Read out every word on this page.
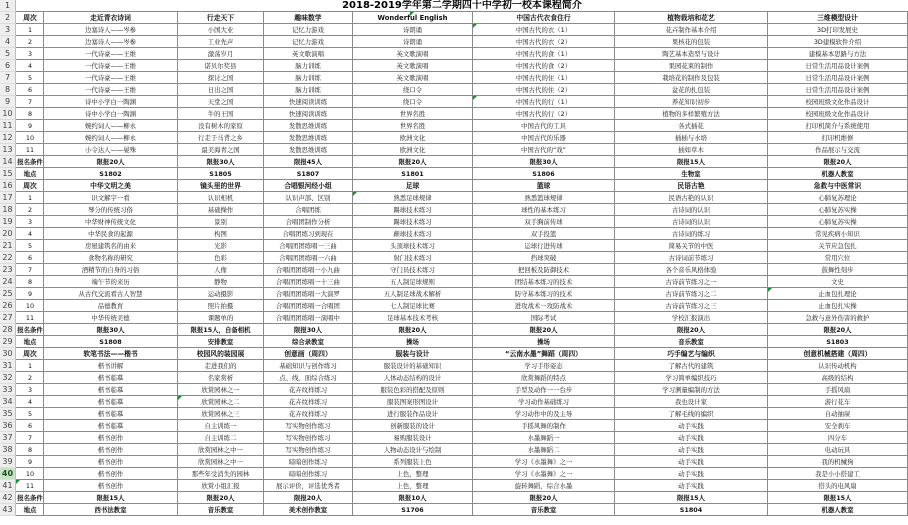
2018-2019学年第二学期四十中学初一校本课程简介
1
2	周次	走近青衣诗词	行走天下	趣味数学	Wonderful English	中国古代衣食住行	植物栽培和花艺	三维模型设计
3	1	边塞诗人——岑参	小国大业	记忆力游戏	诗朗诵	中国古代的衣（1）	花卉制作基本介绍	3D打印发展史
4	2	边塞诗人——岑参	工业先声	记忆力游戏	诗朗诵	中国古代的衣（2）	果核花的包装	3D建模软件介绍
5	3	一代诗豪——王维	激荡岁月	英文歌演唱	英文歌演唱	中国古代的食（1）	陶艺基本造型与设计	建模基本思路与方法
6	4	一代诗豪——王维	诺贝尔奖县	脑力训练	英文歌演唱	中国古代的食（2）	果园花束的制作	日常生活用品设计案例
7	5	一代诗豪——王维	探讨之国	脑力训练	英文歌演唱	中国古代的住（1）	栽培花的制作及包装	日常生活用品设计案例
8	6	一代诗豪——王维	日出之国	脑力训练	绕口令	中国古代的住（2）	盆花的扎包装	日常生活用品设计案例
9	7	诗中小学白一陶渊	天堂之国	快速阅读训练	绕口令	中国古代的行（1）	养花知识初步	校园班级文化作品设计
10	8	诗中小学白一陶渊	牛的王国	快速阅读训练	世界名胜	中国古代的行（2）	植物的多样繁殖方法	校园班级文化作品设计
11	9	婉约词人——柳永	没有树木的家原	发散思维训练	世界名胜	中国古代的工具	各式插花	打印机简介与系统使用
12	10	婉约词人——柳永	行走于马背之乡	发散思维训练	欧洲文化	中国古代的乐器	插插与水培	打印机维修
13	11	小令达人——晏殊	最美海青之国	发散思维训练	欧洲文化	中国古代的“戏”	插如草木	作品展示与交流
14 报名条件	限报20人	限报30人	限报45人	限报20人	限报30人	限报15人	限报20人
15	地点	S1802	S1805	S1807	S1801	S1806	生物室	机器人教室
16	周次	中华文明之美	镜头里的世界	合唱银河经小组	足球	篮球	民语古艳	急救与中医常识
17	1	识文解字一看	认识相机	认识声部、区别	熟悉足球规律	熟悉篮球规律	民语古艳的认识	心肺复苏理论
18	2	琴分的传统习俗	基础操作	合唱团练	踢球技术练习	球性的基本练习	古诗词的认识	心肺复苏实操
19	3	中华财神传统文化	景别	合唱团制作分析	踢球技术练习	双手胸前传球	古诗词的认识	心肺复苏实操
20	4	中华民食的起源	构图	合唱团练习到现在	颠球技术练习	双手投篮	古诗词的练习	常见疾病小知识
21	5	房屋建筑名的由来	光影	合唱团团练唱一三曲	头顶球技术练习	运球行进传球	简易关节的中医	关节应急包扎
22	6	食物名称的研究	色彩	合唱团团练唱一六曲	射门技术练习	挡球突破	古诗词前节练习	常用穴位
23	7	酒精节的自身的习俗	人像	合唱团团练唱一小九曲	守门员技术练习	把回板及防御技术	各个音乐风格体验	鼓舞性刻步
24	8	端午节的来历	静物	合唱团团练唱一十三曲	五人制足球规则	团结基本练习的技术	古诗前节练习之一	文史
25	9	从古代交流看古人智慧	运动摄影	合唱团团练唱一大演罗	五人制足球战术解析	防守基本练习的技术	古诗前节练习之二	止血包扎理论
26	10	品德教育	照片拍摄	合唱团团练唱一合唱团	七人制足球比赛	进攻战术一攻防战术	古诗前节练习之三	止血包扎实操
27	11	中华传统美德	课题单的	合唱团团练唱一演唱中	足球基本技术考核	国际考试	学校汇报演出	急救与意外伤害的救护
28 报名条件	限报30人	限报15人，自备相机	限报30人	限报20人	限报20人	限报20人	限报20人
29	地点	S1808	安排教室	综合录教室	操场	操场	音乐教室	S1803
30	周次	软笔书法——楷书	校园风的装园展	创意画（周四）	服装与设计	“云南水墨”舞蹈（周四）	巧手编艺与编织	创意机械搭建（周四）
31	1	楷书讲解	走进我们的	基础知识与创作练习	服装设计的基础知识	学习手形姿态	了解古代的建筑	认识传动机构
32	2	楷书临摹	名家赏析	点、线、面综合练习	人体动态结构的设计	欣赏舞蹈的特点	学习简单编织技巧	高级的结构
33	3	楷书临摹	欣赏园林之一	花卉纹样练习	服装色彩的搭配及原则	手型及动作一一台步	学习测量编制的方法	手摇风扇
34	4	楷书临摹	欣赏园林之二	花卉纹样练习	服装图案形图设计	学习动作基础练习	我也设计家	游行花车
35	5	楷书临摹	欣赏园林之三	花卉纹样练习	进行服装作品设计	学习动作中的及主导	了解毛线的编织	自动抽屉
36	6	楷书临摹	自主训练一	写实物创作练习	创新服装的设计	手摇风舞的制作	动手实践	安全刹车
37	7	楷书创作	自主训练二	写实物创作练习	易购服装设计	水墨舞蹈一	动手实践	四分车
38	8	楷书创作	欣赏园林之中一	写实物创作练习	人物动态设计与绘制	水墨舞蹈二	动手实践	电动玩具
39	9	楷书创作	欣赏园林之中一	暗暗创作练习	系列服装上色	学习《水墨舞》之一	动手实践	我的机械狗
40	10	楷书创作	那些年受消失的园林	暗暗创作练习	上色，整理	学习《水墨舞》之一	动手实践	我是小小搭建工
41	11	楷书创作	欣赏小组汇报	展示评价，评选优秀者	上色，整理	旋转舞蹈，综合水墨	动手实践	搭头的电风扇
42 报名条件	限报15人	限报20人	限报20人	限报10人	限报20人	限报15人	限报15人
43	地点	西书法教室	音乐教室	美术创作教室	S1706	音乐教室	S1804	机器人教室
